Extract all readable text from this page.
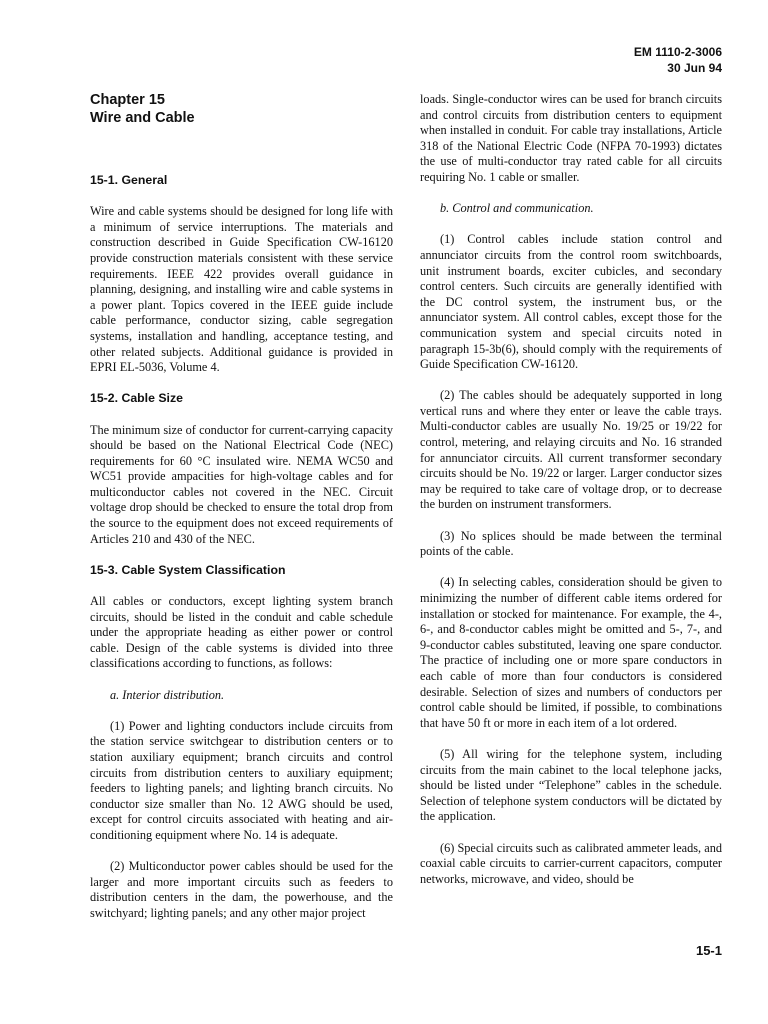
EM 1110-2-3006
30 Jun 94
Chapter 15
Wire and Cable
15-1. General

Wire and cable systems should be designed for long life with a minimum of service interruptions. The materials and construction described in Guide Specification CW-16120 provide construction materials consistent with these service requirements. IEEE 422 provides overall guidance in planning, designing, and installing wire and cable systems in a power plant. Topics covered in the IEEE guide include cable performance, conductor sizing, cable segregation systems, installation and handling, acceptance testing, and other related subjects. Additional guidance is provided in EPRI EL-5036, Volume 4.

15-2. Cable Size

The minimum size of conductor for current-carrying capacity should be based on the National Electrical Code (NEC) requirements for 60 °C insulated wire. NEMA WC50 and WC51 provide ampacities for high-voltage cables and for multiconductor cables not covered in the NEC. Circuit voltage drop should be checked to ensure the total drop from the source to the equipment does not exceed requirements of Articles 210 and 430 of the NEC.

15-3. Cable System Classification

All cables or conductors, except lighting system branch circuits, should be listed in the conduit and cable schedule under the appropriate heading as either power or control cable. Design of the cable systems is divided into three classifications according to functions, as follows:

a. Interior distribution.

(1) Power and lighting conductors include circuits from the station service switchgear to distribution centers or to station auxiliary equipment; branch circuits and control circuits from distribution centers to auxiliary equipment; feeders to lighting panels; and lighting branch circuits. No conductor size smaller than No. 12 AWG should be used, except for control circuits associated with heating and air-conditioning equipment where No. 14 is adequate.

(2) Multiconductor power cables should be used for the larger and more important circuits such as feeders to distribution centers in the dam, the powerhouse, and the switchyard; lighting panels; and any other major project

loads. Single-conductor wires can be used for branch circuits and control circuits from distribution centers to equipment when installed in conduit. For cable tray installations, Article 318 of the National Electric Code (NFPA 70-1993) dictates the use of multi-conductor tray rated cable for all circuits requiring No. 1 cable or smaller.

b. Control and communication.

(1) Control cables include station control and annunciator circuits from the control room switchboards, unit instrument boards, exciter cubicles, and secondary control centers. Such circuits are generally identified with the DC control system, the instrument bus, or the annunciator system. All control cables, except those for the communication system and special circuits noted in paragraph 15-3b(6), should comply with the requirements of Guide Specification CW-16120.

(2) The cables should be adequately supported in long vertical runs and where they enter or leave the cable trays. Multi-conductor cables are usually No. 19/25 or 19/22 for control, metering, and relaying circuits and No. 16 stranded for annunciator circuits. All current transformer secondary circuits should be No. 19/22 or larger. Larger conductor sizes may be required to take care of voltage drop, or to decrease the burden on instrument transformers.

(3) No splices should be made between the terminal points of the cable.

(4) In selecting cables, consideration should be given to minimizing the number of different cable items ordered for installation or stocked for maintenance. For example, the 4-, 6-, and 8-conductor cables might be omitted and 5-, 7-, and 9-conductor cables substituted, leaving one spare conductor. The practice of including one or more spare conductors in each cable of more than four conductors is considered desirable. Selection of sizes and numbers of conductors per control cable should be limited, if possible, to combinations that have 50 ft or more in each item of a lot ordered.

(5) All wiring for the telephone system, including circuits from the main cabinet to the local telephone jacks, should be listed under “Telephone” cables in the schedule. Selection of telephone system conductors will be dictated by the application.

(6) Special circuits such as calibrated ammeter leads, and coaxial cable circuits to carrier-current capacitors, computer networks, microwave, and video, should be

15-1
